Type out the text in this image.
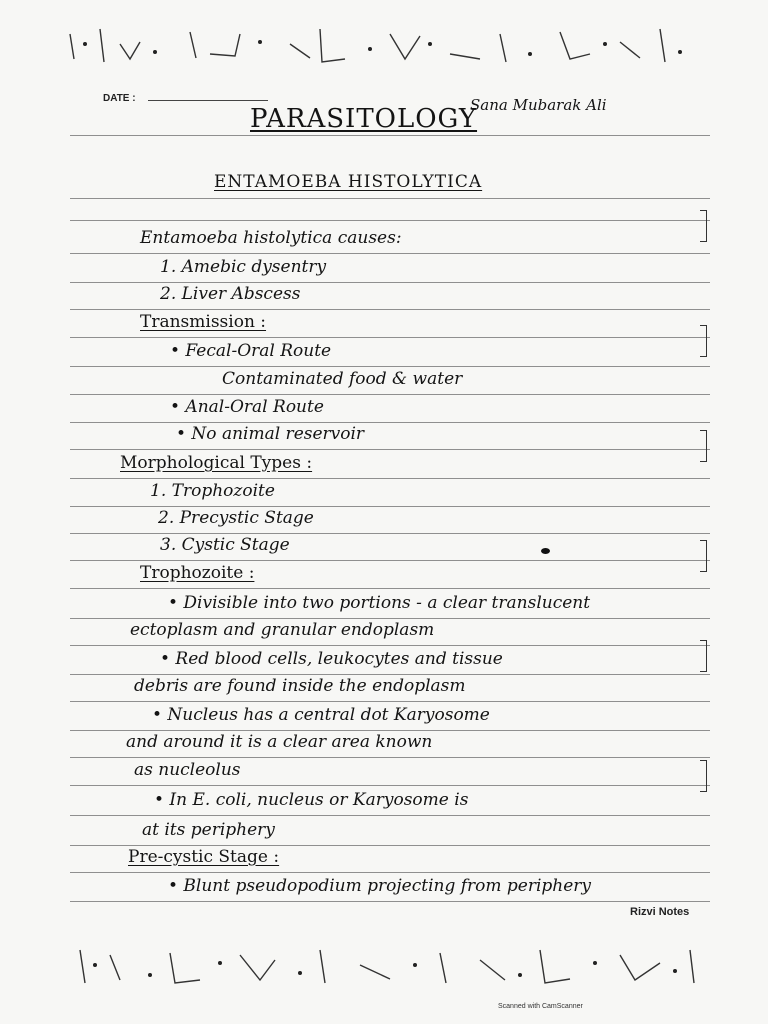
DATE :
PARASITOLOGY
Sana Mubarak Ali
ENTAMOEBA HISTOLYTICA
Entamoeba histolytica causes:
1. Amebic dysentry
2. Liver Abscess
Transmission :
• Fecal-Oral Route
Contaminated food & water
• Anal-Oral Route
• No animal reservoir
Morphological Types :
1. Trophozoite
2. Precystic Stage
3. Cystic Stage
Trophozoite :
• Divisible into two portions - a clear translucent
ectoplasm and granular endoplasm
• Red blood cells, leukocytes and tissue
debris are found inside the endoplasm
• Nucleus has a central dot Karyosome
and around it is a clear area known
as nucleolus
• In E. coli, nucleus or Karyosome is
at its periphery
Pre-cystic Stage :
• Blunt pseudopodium projecting from periphery
Rizvi Notes
Scanned with CamScanner
